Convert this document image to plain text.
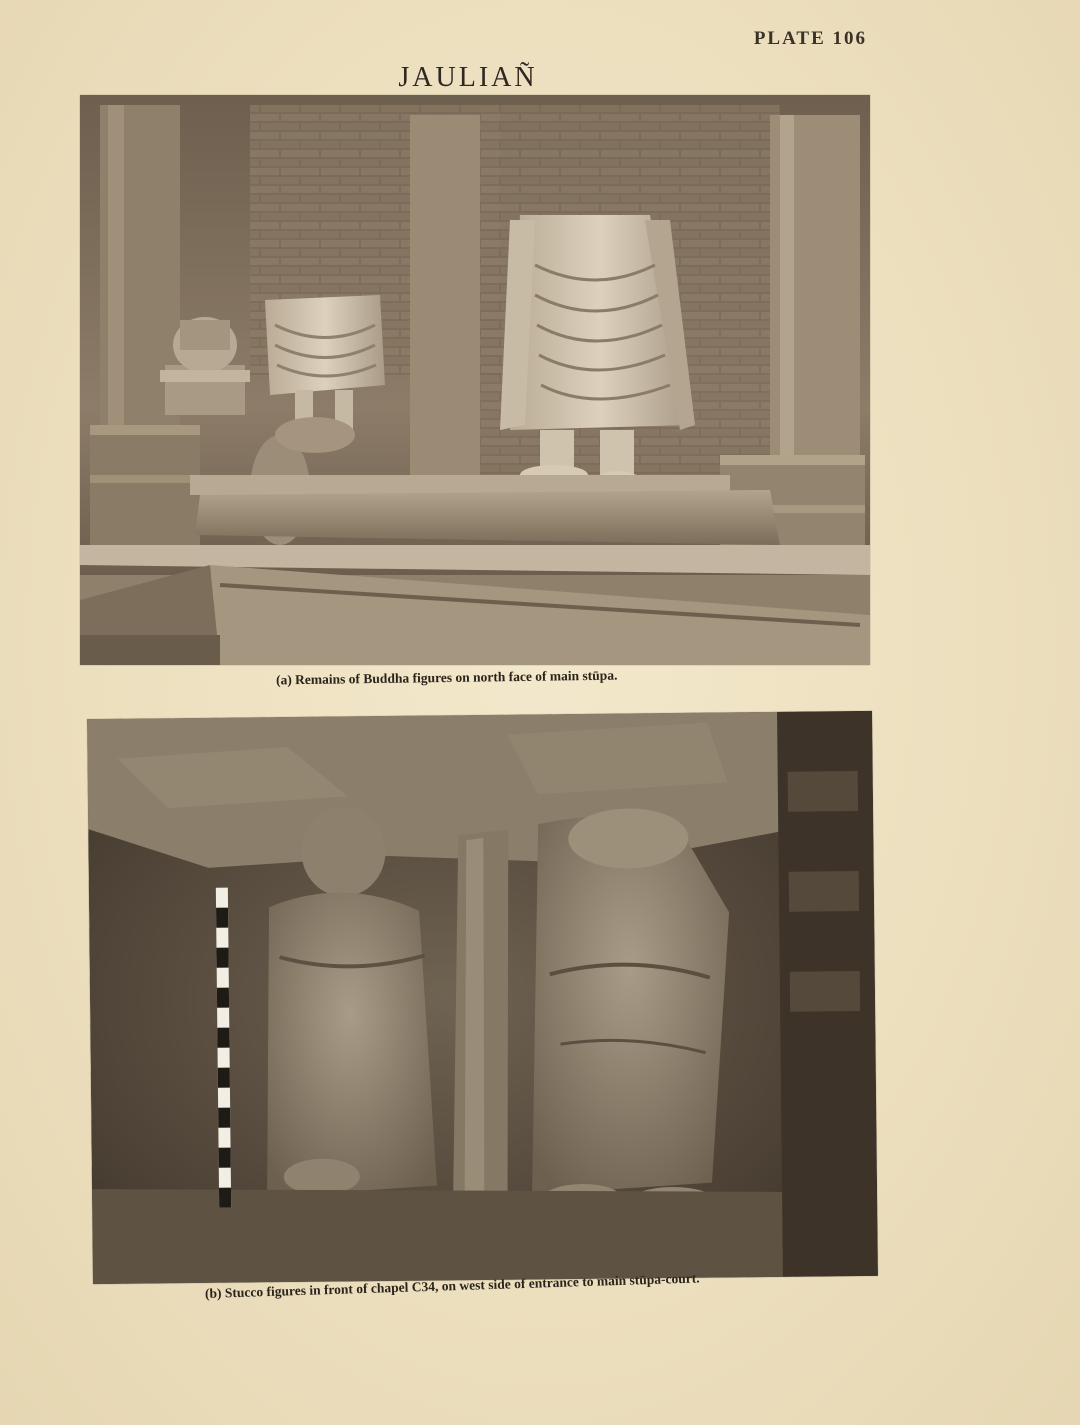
PLATE 106
JAULIAÑ
(a) Remains of Buddha figures on north face of main stūpa.
(b) Stucco figures in front of chapel C34, on west side of entrance to main stūpa-court.
